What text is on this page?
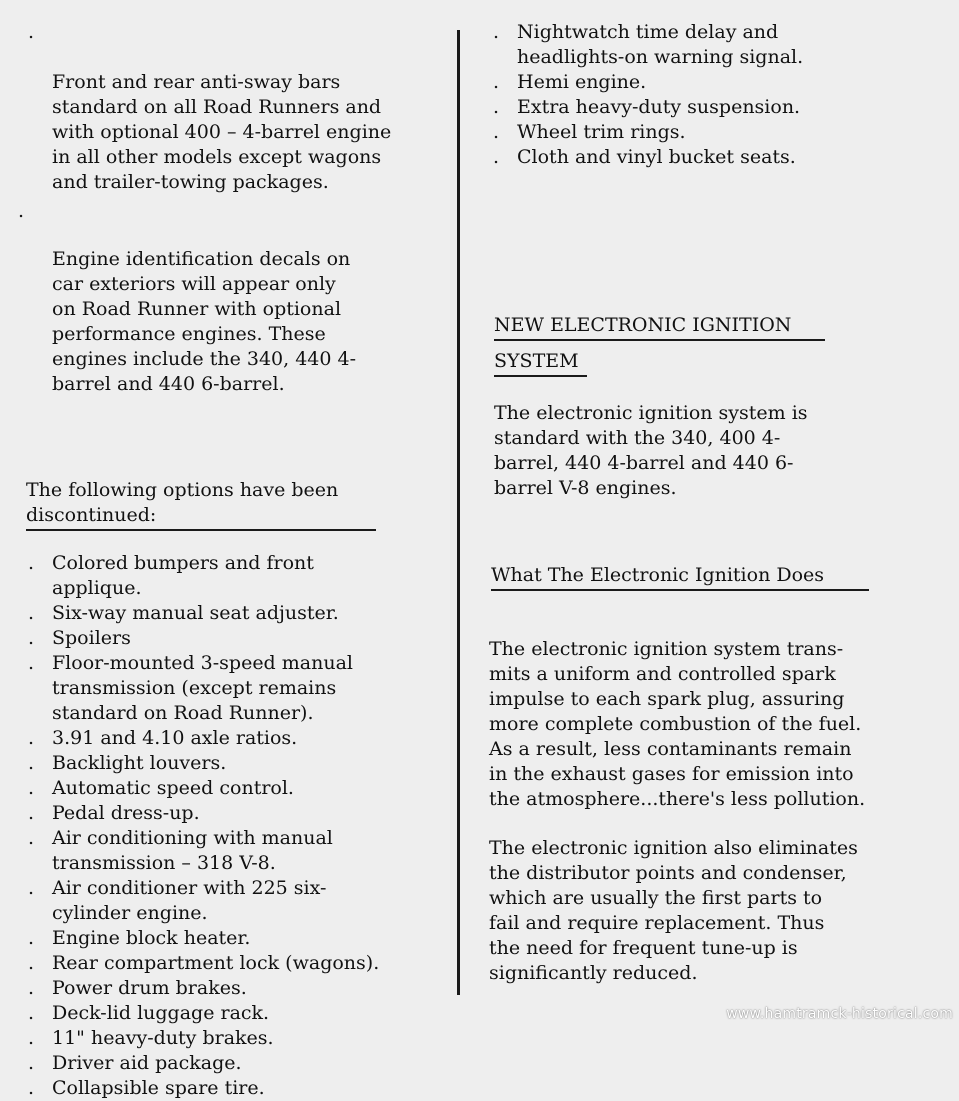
.

Front and rear anti-sway bars
standard on all Road Runners and
with optional 400 – 4-barrel engine
in all other models except wagons
and trailer-towing packages.

.

Engine identification decals on
car exteriors will appear only
on Road Runner with optional
performance engines. These
engines include the 340, 440 4-
barrel and 440 6-barrel.

The following options have been discontinued:
. Colored bumpers and front
applique.
. Six-way manual seat adjuster.
. Spoilers
. Floor-mounted 3-speed manual
transmission (except remains
standard on Road Runner).
. 3.91 and 4.10 axle ratios.
. Backlight louvers.
. Automatic speed control.
. Pedal dress-up.
. Air conditioning with manual
transmission – 318 V-8.
. Air conditioner with 225 six-
cylinder engine.
. Engine block heater.
. Rear compartment lock (wagons).
. Power drum brakes.
. Deck-lid luggage rack.
. 11" heavy-duty brakes.
. Driver aid package.
. Collapsible spare tire.
. Nightwatch time delay and
headlights-on warning signal.
. Hemi engine.
. Extra heavy-duty suspension.
. Wheel trim rings.
. Cloth and vinyl bucket seats.
NEW ELECTRONIC IGNITION
SYSTEM

The electronic ignition system is
standard with the 340, 400 4-
barrel, 440 4-barrel and 440 6-
barrel V-8 engines.

What The Electronic Ignition Does

The electronic ignition system trans-
mits a uniform and controlled spark
impulse to each spark plug, assuring
more complete combustion of the fuel.
As a result, less contaminants remain
in the exhaust gases for emission into
the atmosphere...there's less pollution.

The electronic ignition also eliminates
the distributor points and condenser,
which are usually the first parts to
fail and require replacement. Thus
the need for frequent tune-up is
significantly reduced.

www.hamtramck-historical.com
